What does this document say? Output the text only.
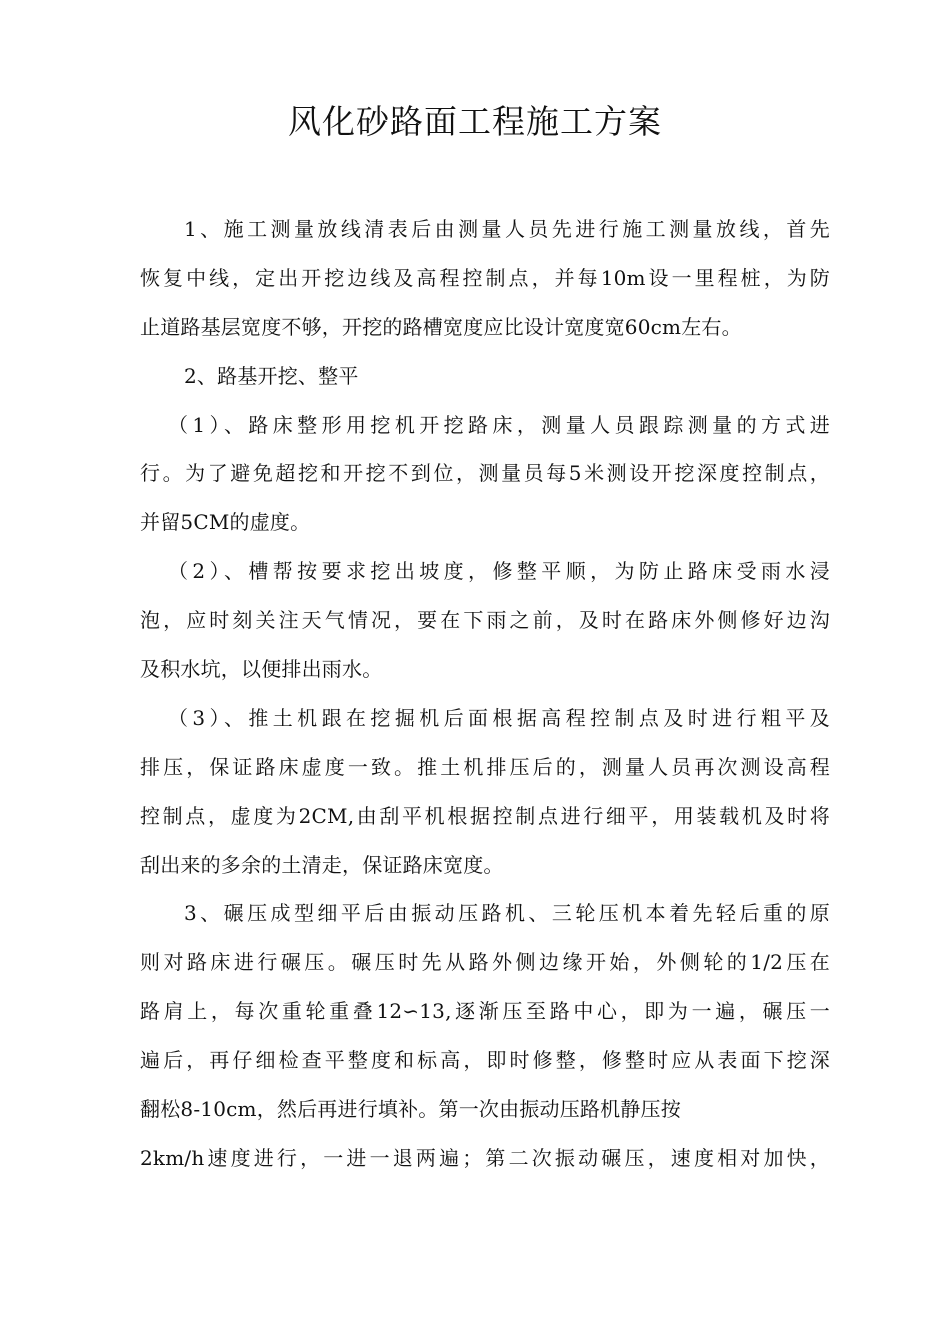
风化砂路面工程施工方案
1、施工测量放线清表后由测量人员先进行施工测量放线，首先
恢复中线，定出开挖边线及高程控制点，并每10m设一里程桩，为防
止道路基层宽度不够，开挖的路槽宽度应比设计宽度宽60cm左右。
2、路基开挖、整平
（1）、路床整形用挖机开挖路床，测量人员跟踪测量的方式进
行。为了避免超挖和开挖不到位，测量员每5米测设开挖深度控制点，
并留5CM的虚度。
（2）、槽帮按要求挖出坡度，修整平顺，为防止路床受雨水浸
泡，应时刻关注天气情况，要在下雨之前，及时在路床外侧修好边沟
及积水坑，以便排出雨水。
（3）、推土机跟在挖掘机后面根据高程控制点及时进行粗平及
排压，保证路床虚度一致。推土机排压后的，测量人员再次测设高程
控制点，虚度为2CM,由刮平机根据控制点进行细平，用装载机及时将
刮出来的多余的土清走，保证路床宽度。
3、碾压成型细平后由振动压路机、三轮压机本着先轻后重的原
则对路床进行碾压。碾压时先从路外侧边缘开始，外侧轮的1/2压在
路肩上，每次重轮重叠12∽13,逐渐压至路中心，即为一遍，碾压一
遍后，再仔细检查平整度和标高，即时修整，修整时应从表面下挖深
翻松8-10cm，然后再进行填补。第一次由振动压路机静压按
2km/h速度进行，一进一退两遍；第二次振动碾压，速度相对加快，
